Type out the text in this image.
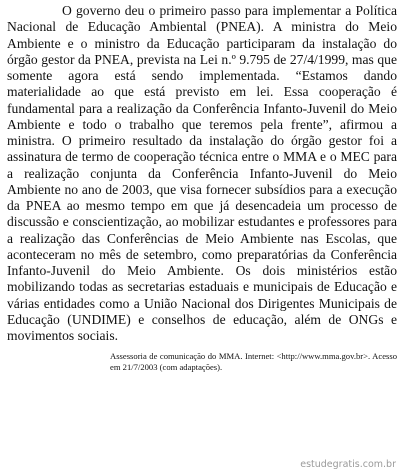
O governo deu o primeiro passo para implementar a Política Nacional de Educação Ambiental (PNEA). A ministra do Meio Ambiente e o ministro da Educação participaram da instalação do órgão gestor da PNEA, prevista na Lei n.º 9.795 de 27/4/1999, mas que somente agora está sendo implementada. “Estamos dando materialidade ao que está previsto em lei. Essa cooperação é fundamental para a realização da Conferência Infanto-Juvenil do Meio Ambiente e todo o trabalho que teremos pela frente”, afirmou a ministra. O primeiro resultado da instalação do órgão gestor foi a assinatura de termo de cooperação técnica entre o MMA e o MEC para a realização conjunta da Conferência Infanto-Juvenil do Meio Ambiente no ano de 2003, que visa fornecer subsídios para a execução da PNEA ao mesmo tempo em que já desencadeia um processo de discussão e conscientização, ao mobilizar estudantes e professores para a realização das Conferências de Meio Ambiente nas Escolas, que aconteceram no mês de setembro, como preparatórias da Conferência Infanto-Juvenil do Meio Ambiente. Os dois ministérios estão mobilizando todas as secretarias estaduais e municipais de Educação e várias entidades como a União Nacional dos Dirigentes Municipais de Educação (UNDIME) e conselhos de educação, além de ONGs e movimentos sociais.

Assessoria de comunicação do MMA. Internet: <http://www.mma.gov.br>. Acesso em 21/7/2003 (com adaptações).

estudegratis.com.br
